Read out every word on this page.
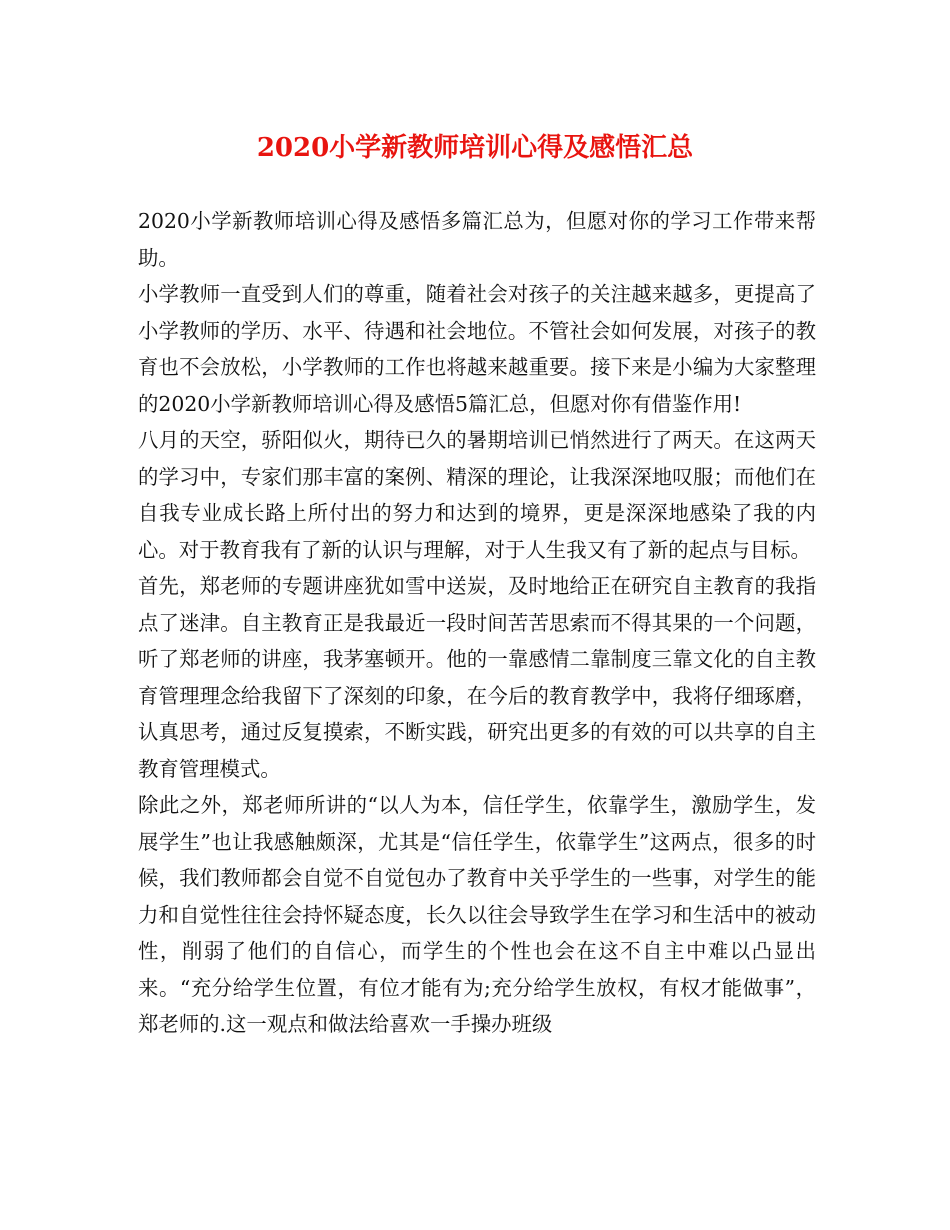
2020小学新教师培训心得及感悟汇总

2020小学新教师培训心得及感悟多篇汇总为，但愿对你的学习工作带来帮助。

小学教师一直受到人们的尊重，随着社会对孩子的关注越来越多，更提高了小学教师的学历、水平、待遇和社会地位。不管社会如何发展，对孩子的教育也不会放松，小学教师的工作也将越来越重要。接下来是小编为大家整理的2020小学新教师培训心得及感悟5篇汇总，但愿对你有借鉴作用!

八月的天空，骄阳似火，期待已久的暑期培训已悄然进行了两天。在这两天的学习中，专家们那丰富的案例、精深的理论，让我深深地叹服；而他们在自我专业成长路上所付出的努力和达到的境界，更是深深地感染了我的内心。对于教育我有了新的认识与理解，对于人生我又有了新的起点与目标。

首先，郑老师的专题讲座犹如雪中送炭，及时地给正在研究自主教育的我指点了迷津。自主教育正是我最近一段时间苦苦思索而不得其果的一个问题，听了郑老师的讲座，我茅塞顿开。他的一靠感情二靠制度三靠文化的自主教育管理理念给我留下了深刻的印象，在今后的教育教学中，我将仔细琢磨，认真思考，通过反复摸索，不断实践，研究出更多的有效的可以共享的自主教育管理模式。

除此之外，郑老师所讲的“以人为本，信任学生，依靠学生，激励学生，发展学生”也让我感触颇深，尤其是“信任学生，依靠学生”这两点，很多的时候，我们教师都会自觉不自觉包办了教育中关乎学生的一些事，对学生的能力和自觉性往往会持怀疑态度，长久以往会导致学生在学习和生活中的被动性，削弱了他们的自信心，而学生的个性也会在这不自主中难以凸显出来。“充分给学生位置，有位才能有为;充分给学生放权，有权才能做事”，郑老师的.这一观点和做法给喜欢一手操办班级
